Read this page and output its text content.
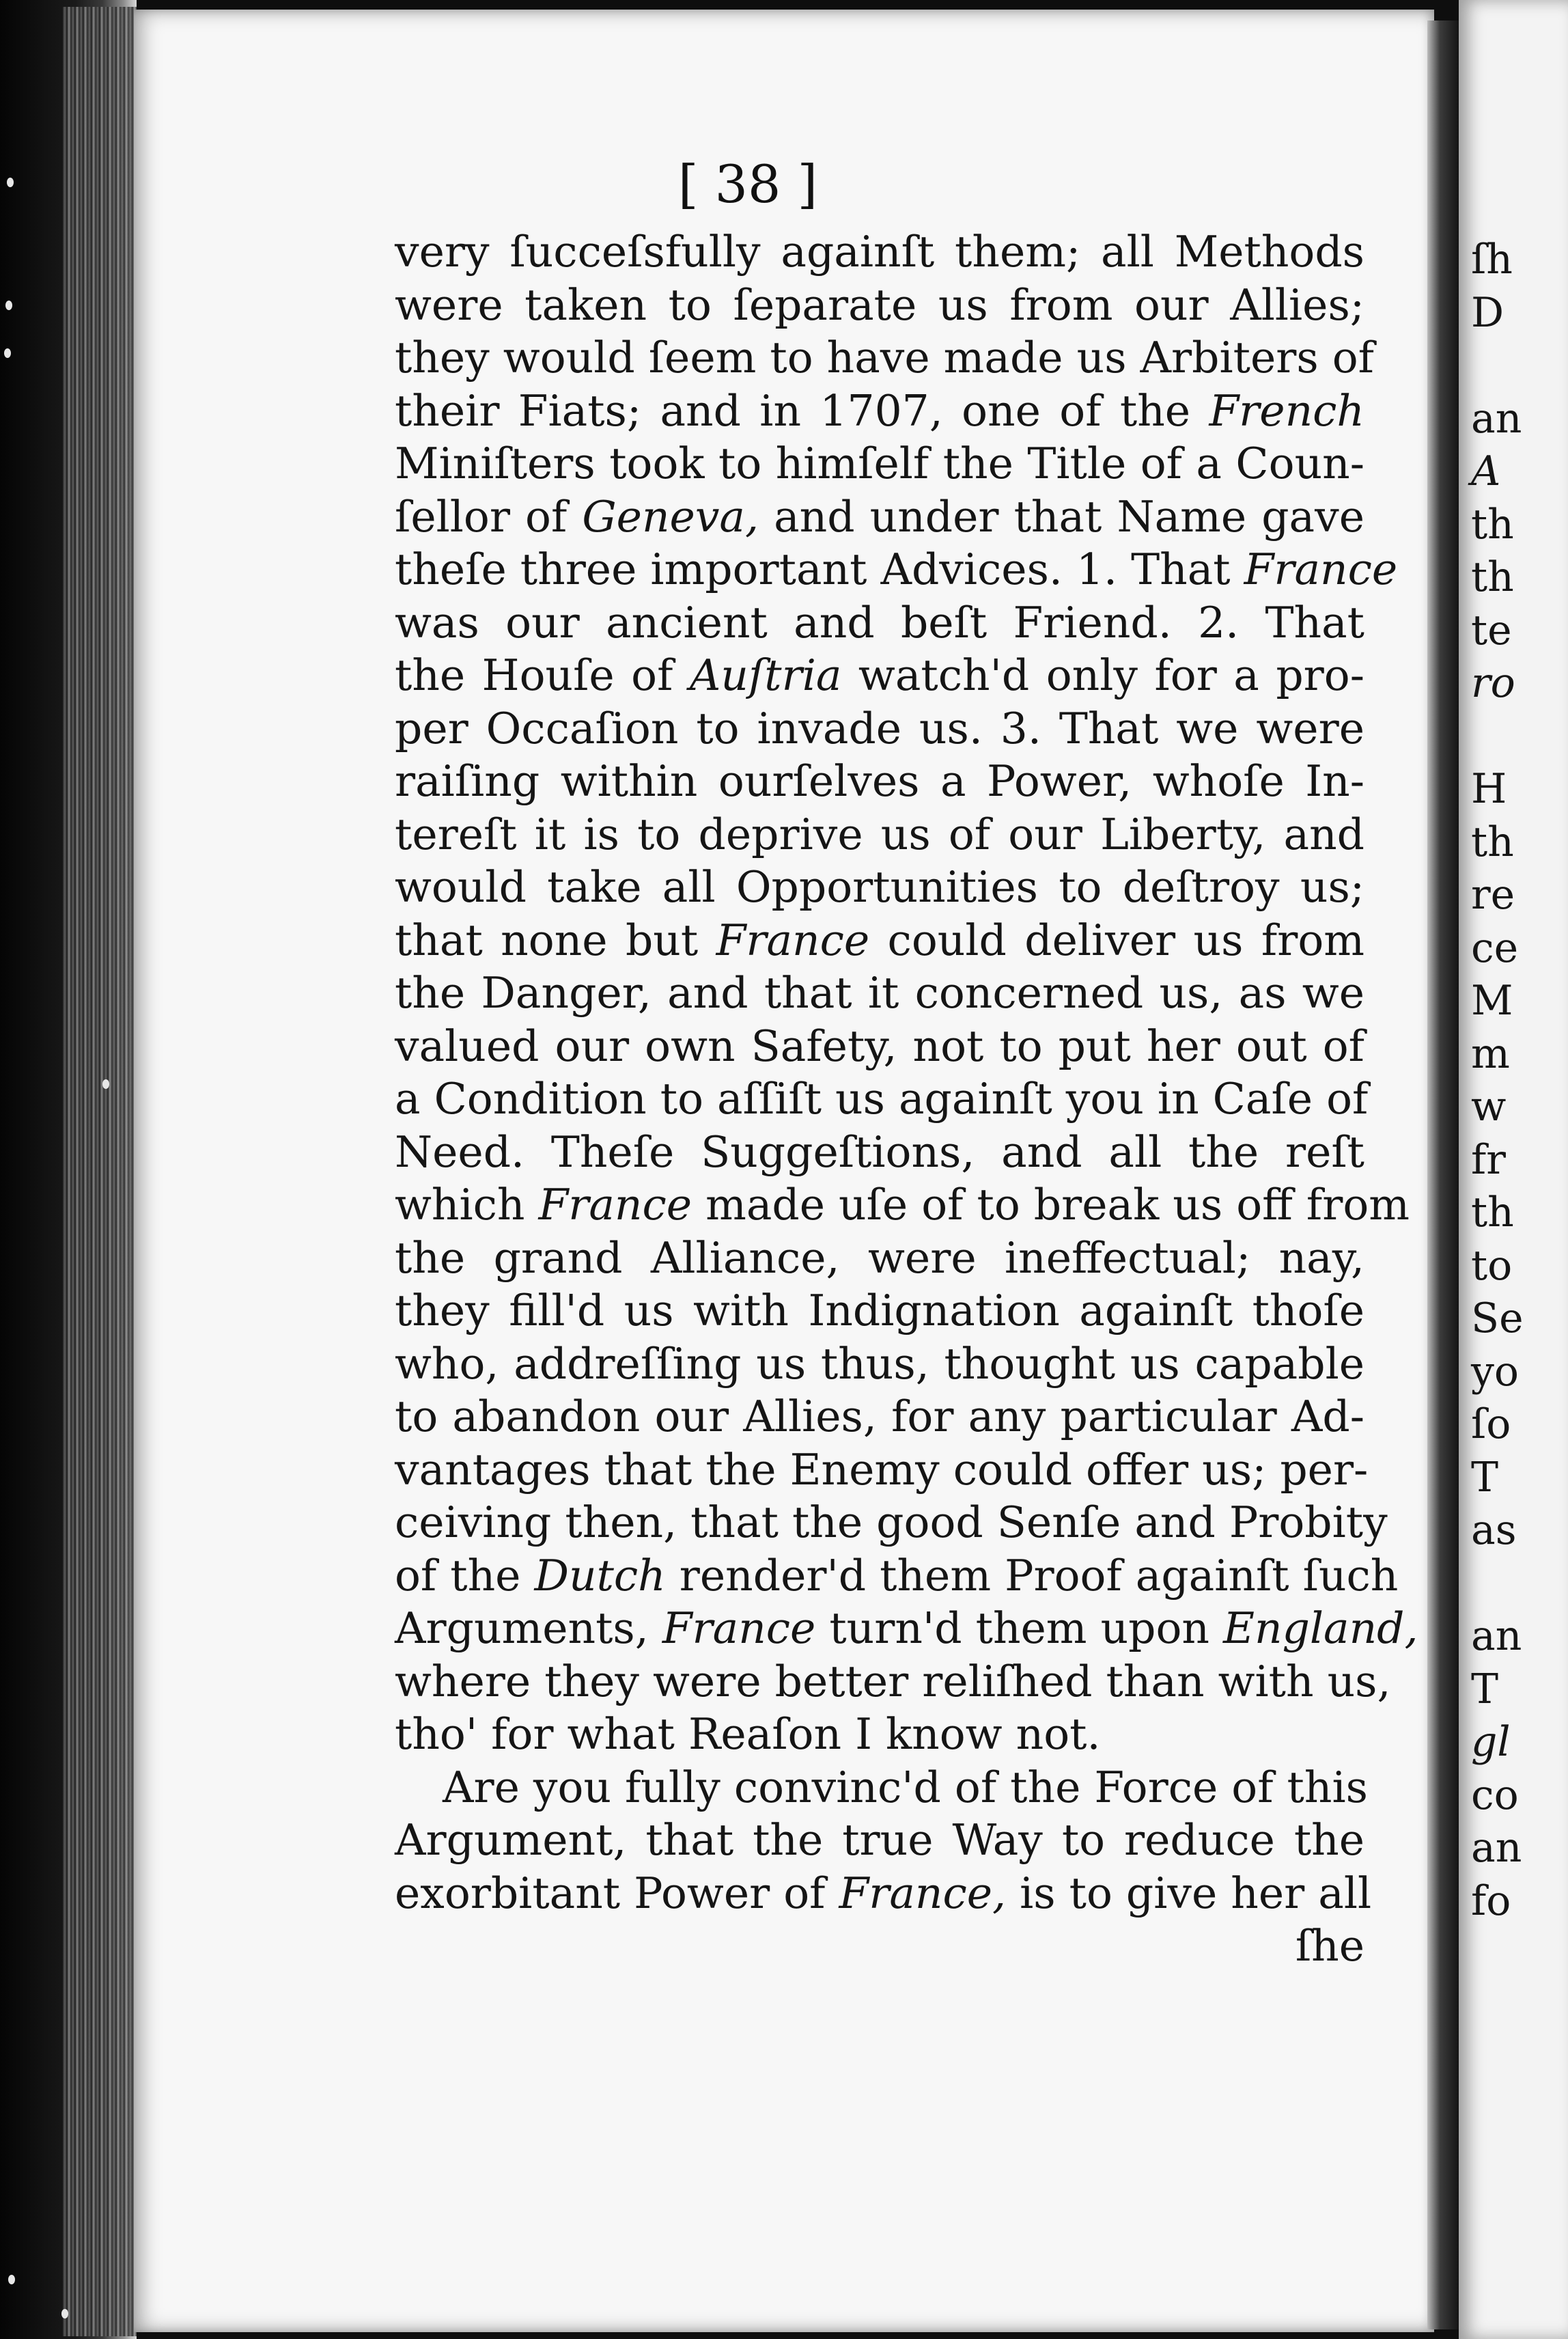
ſh
D
an
A
th
th
te
ro
H
th
re
ce
M
m
w
fr
th
to
Se
yo
ſo
T
as
an
T
gl
co
an
fo
[ 38 ]
very ſucceſsfully againſt them; all Methods
were taken to ſeparate us from our Allies;
they would ſeem to have made us Arbiters of
their Fiats; and in 1707, one of the French
Miniſters took to himſelf the Title of a Coun-
ſellor of Geneva, and under that Name gave
theſe three important Advices. 1. That France
was our ancient and beſt Friend. 2. That
the Houſe of Auſtria watch'd only for a pro-
per Occaſion to invade us. 3. That we were
raiſing within ourſelves a Power, whoſe In-
tereſt it is to deprive us of our Liberty, and
would take all Opportunities to deſtroy us;
that none but France could deliver us from
the Danger, and that it concerned us, as we
valued our own Safety, not to put her out of
a Condition to aſſiſt us againſt you in Caſe of
Need. Theſe Suggeſtions, and all the reſt
which France made uſe of to break us off from
the grand Alliance, were ineffectual; nay,
they fill'd us with Indignation againſt thoſe
who, addreſſing us thus, thought us capable
to abandon our Allies, for any particular Ad-
vantages that the Enemy could offer us; per-
ceiving then, that the good Senſe and Probity
of the Dutch render'd them Proof againſt ſuch
Arguments, France turn'd them upon England,
where they were better reliſhed than with us,
tho' for what Reaſon I know not.
Are you fully convinc'd of the Force of this
Argument, that the true Way to reduce the
exorbitant Power of France, is to give her all
ſhe
